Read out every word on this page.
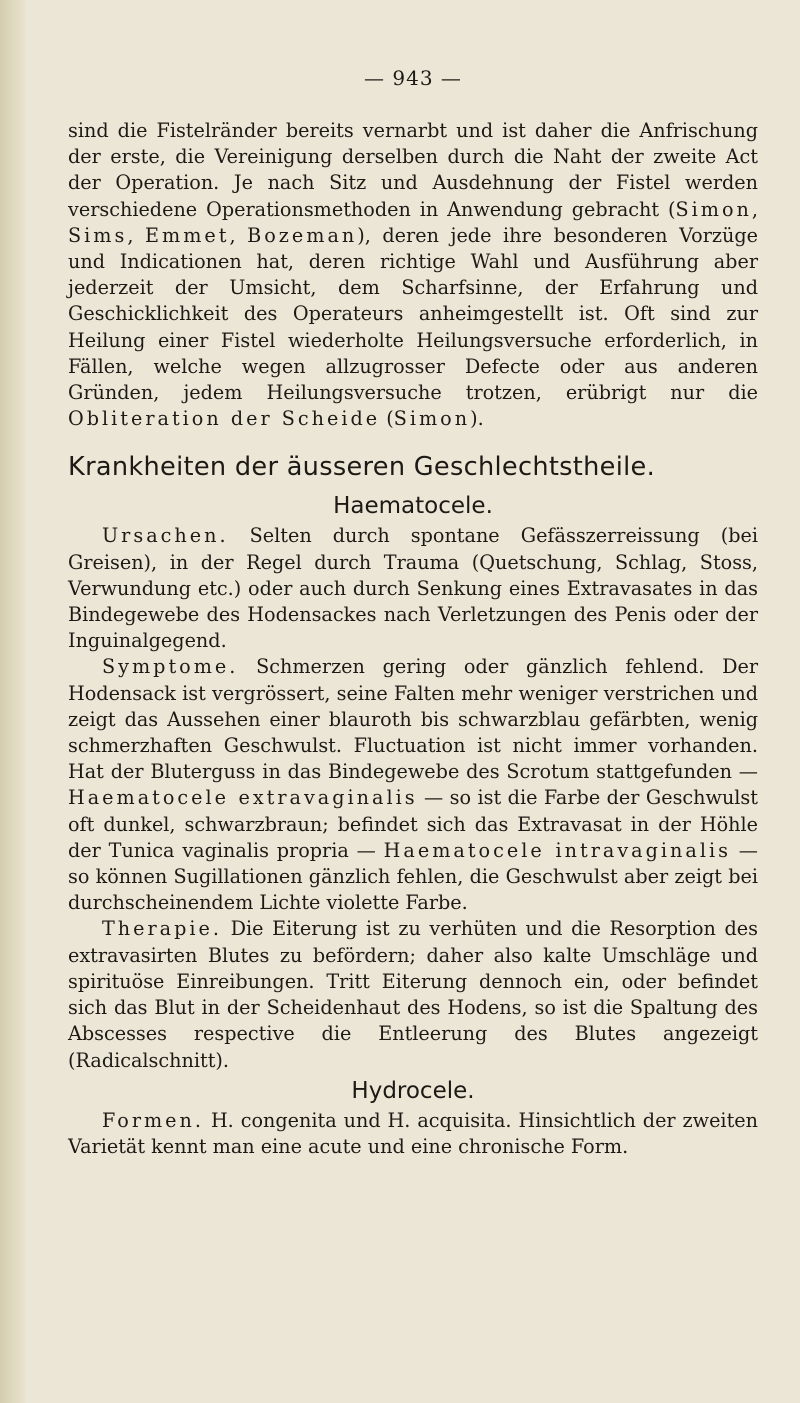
— 943 —

sind die Fistelränder bereits vernarbt und ist daher die Anfrischung der erste, die Vereinigung derselben durch die Naht der zweite Act der Operation. Je nach Sitz und Ausdehnung der Fistel werden verschiedene Operationsmethoden in Anwendung gebracht (Simon, Sims, Emmet, Bozeman), deren jede ihre besonderen Vorzüge und Indicationen hat, deren richtige Wahl und Ausführung aber jederzeit der Umsicht, dem Scharfsinne, der Erfahrung und Geschicklichkeit des Operateurs anheimgestellt ist. Oft sind zur Heilung einer Fistel wiederholte Heilungsversuche erforderlich, in Fällen, welche wegen allzugrosser Defecte oder aus anderen Gründen, jedem Heilungsversuche trotzen, erübrigt nur die Obliteration der Scheide (Simon).

Krankheiten der äusseren Geschlechtstheile.
Haematocele.

Ursachen. Selten durch spontane Gefässzerreissung (bei Greisen), in der Regel durch Trauma (Quetschung, Schlag, Stoss, Verwundung etc.) oder auch durch Senkung eines Extravasates in das Bindegewebe des Hodensackes nach Verletzungen des Penis oder der Inguinalgegend.

Symptome. Schmerzen gering oder gänzlich fehlend. Der Hodensack ist vergrössert, seine Falten mehr weniger verstrichen und zeigt das Aussehen einer blauroth bis schwarzblau gefärbten, wenig schmerzhaften Geschwulst. Fluctuation ist nicht immer vorhanden. Hat der Bluterguss in das Bindegewebe des Scrotum stattgefunden — Haematocele extravaginalis — so ist die Farbe der Geschwulst oft dunkel, schwarzbraun; befindet sich das Extravasat in der Höhle der Tunica vaginalis propria — Haematocele intravaginalis — so können Sugillationen gänzlich fehlen, die Geschwulst aber zeigt bei durchscheinendem Lichte violette Farbe.

Therapie. Die Eiterung ist zu verhüten und die Resorption des extravasirten Blutes zu befördern; daher also kalte Umschläge und spirituöse Einreibungen. Tritt Eiterung dennoch ein, oder befindet sich das Blut in der Scheidenhaut des Hodens, so ist die Spaltung des Abscesses respective die Entleerung des Blutes angezeigt (Radicalschnitt).

Hydrocele.

Formen. H. congenita und H. acquisita. Hinsichtlich der zweiten Varietät kennt man eine acute und eine chronische Form.
